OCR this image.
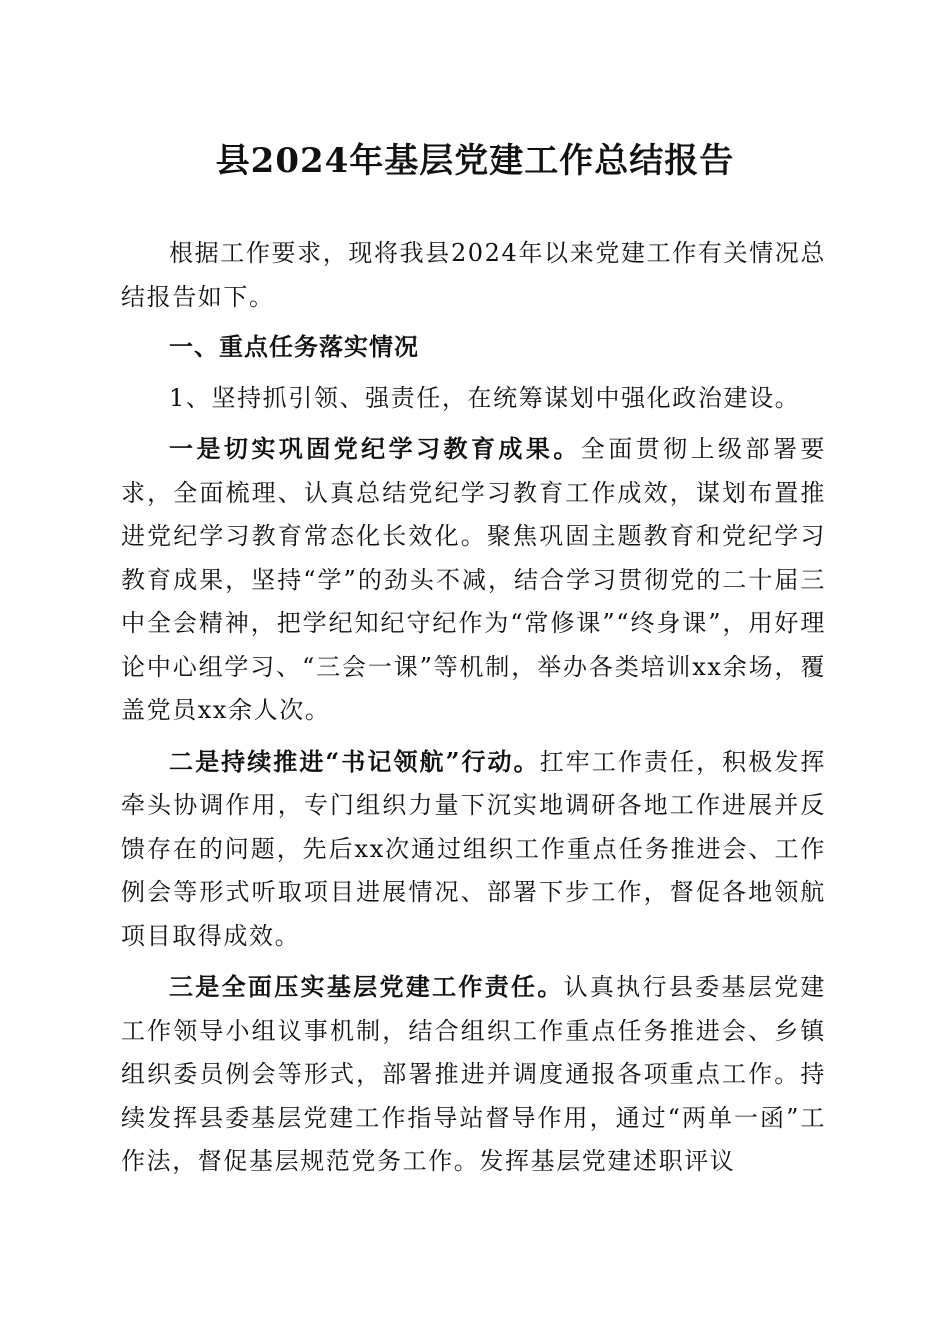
县2024年基层党建工作总结报告

根据工作要求，现将我县2024年以来党建工作有关情况总结报告如下。

一、重点任务落实情况

1、坚持抓引领、强责任，在统筹谋划中强化政治建设。

一是切实巩固党纪学习教育成果。全面贯彻上级部署要求，全面梳理、认真总结党纪学习教育工作成效，谋划布置推进党纪学习教育常态化长效化。聚焦巩固主题教育和党纪学习教育成果，坚持“学”的劲头不减，结合学习贯彻党的二十届三中全会精神，把学纪知纪守纪作为“常修课”“终身课”，用好理论中心组学习、“三会一课”等机制，举办各类培训xx余场，覆盖党员xx余人次。

二是持续推进“书记领航”行动。扛牢工作责任，积极发挥牵头协调作用，专门组织力量下沉实地调研各地工作进展并反馈存在的问题，先后xx次通过组织工作重点任务推进会、工作例会等形式听取项目进展情况、部署下步工作，督促各地领航项目取得成效。

三是全面压实基层党建工作责任。认真执行县委基层党建工作领导小组议事机制，结合组织工作重点任务推进会、乡镇组织委员例会等形式，部署推进并调度通报各项重点工作。持续发挥县委基层党建工作指导站督导作用，通过“两单一函”工作法，督促基层规范党务工作。发挥基层党建述职评议
